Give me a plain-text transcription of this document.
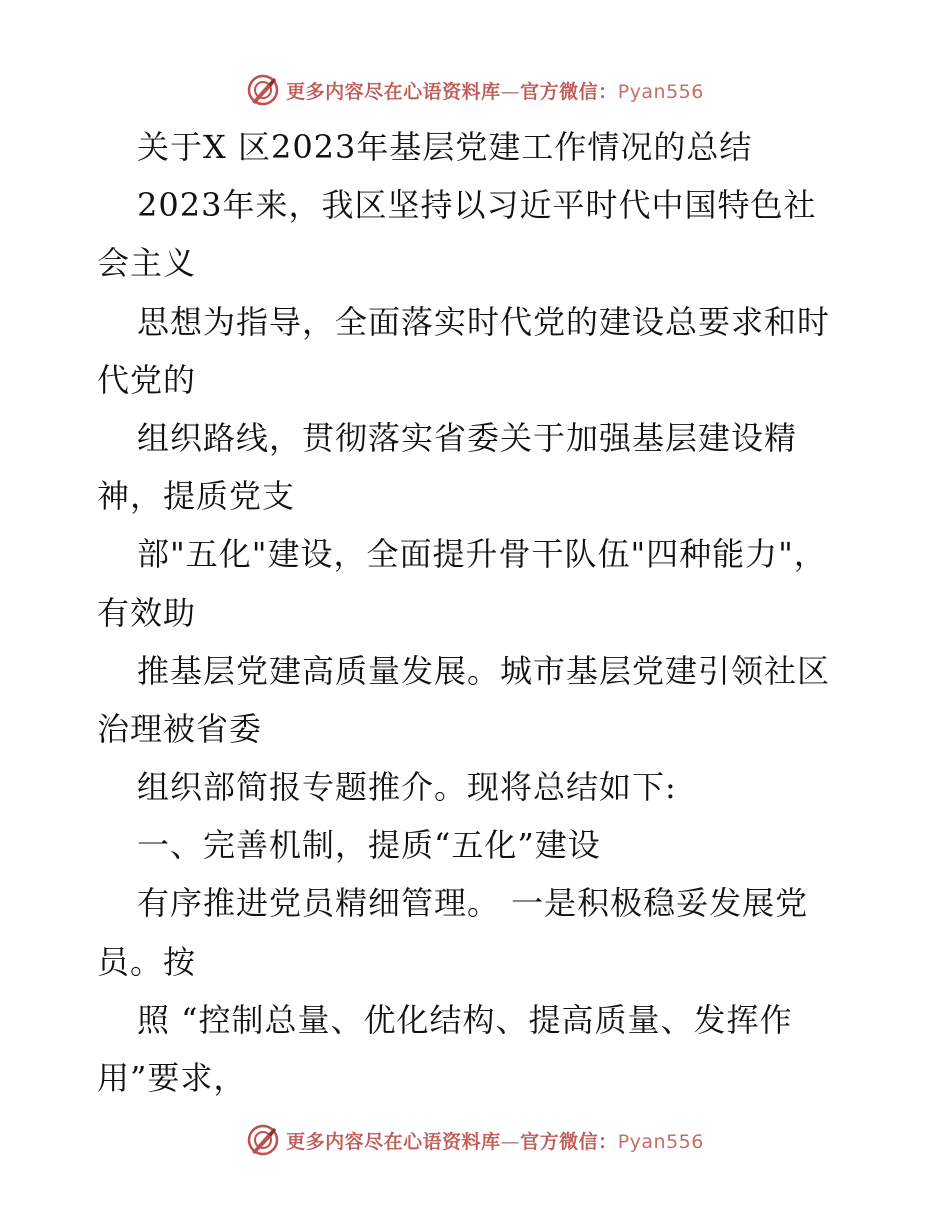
更多内容尽在心语资料库—官方微信：Pyan556
关于X 区2023年基层党建工作情况的总结
2023年来，我区坚持以习近平时代中国特色社
会主义
思想为指导，全面落实时代党的建设总要求和时
代党的
组织路线，贯彻落实省委关于加强基层建设精
神，提质党支
部"五化"建设，全面提升骨干队伍"四种能力"，
有效助
推基层党建高质量发展。城市基层党建引领社区
治理被省委
组织部简报专题推介。现将总结如下:
一、完善机制，提质“五化”建设
有序推进党员精细管理。 一是积极稳妥发展党
员。按
照 “控制总量、优化结构、提高质量、发挥作
用”要求，
更多内容尽在心语资料库—官方微信：Pyan556
